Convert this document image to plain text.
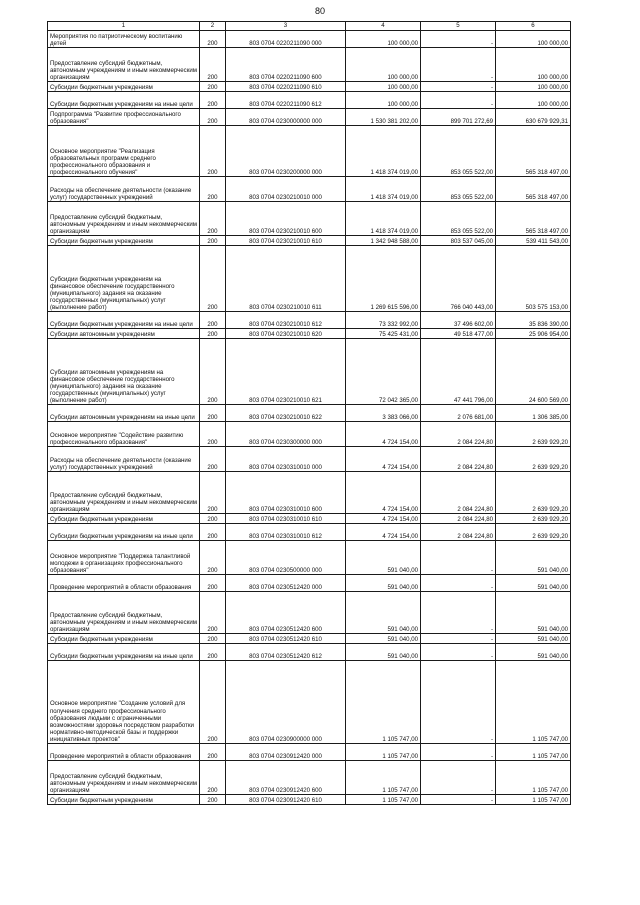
80
1	2	3	4	5	6
Мероприятия по патриотическому воспитанию детей	200	803 0704 0220211090 000	100 000,00	-	100 000,00
Предоставление субсидий бюджетным, автономным учреждениям и иным некоммерческим организациям	200	803 0704 0220211090 600	100 000,00	-	100 000,00
Субсидии бюджетным учреждениям	200	803 0704 0220211090 610	100 000,00	-	100 000,00
Субсидии бюджетным учреждениям на иные цели	200	803 0704 0220211090 612	100 000,00	-	100 000,00
Подпрограмма "Развитие профессионального образования"	200	803 0704 0230000000 000	1 530 381 202,00	899 701 272,69	630 679 929,31
Основное мероприятие "Реализация образовательных программ среднего профессионального образования и профессионального обучения"	200	803 0704 0230200000 000	1 418 374 019,00	853 055 522,00	565 318 497,00
Расходы на обеспечение деятельности (оказание услуг) государственных учреждений	200	803 0704 0230210010 000	1 418 374 019,00	853 055 522,00	565 318 497,00
Предоставление субсидий бюджетным, автономным учреждениям и иным некоммерческим организациям	200	803 0704 0230210010 600	1 418 374 019,00	853 055 522,00	565 318 497,00
Субсидии бюджетным учреждениям	200	803 0704 0230210010 610	1 342 948 588,00	803 537 045,00	539 411 543,00
Субсидии бюджетным учреждениям на финансовое обеспечение государственного (муниципального) задания на оказание государственных (муниципальных) услуг (выполнение работ)	200	803 0704 0230210010 611	1 269 615 596,00	766 040 443,00	503 575 153,00
Субсидии бюджетным учреждениям на иные цели	200	803 0704 0230210010 612	73 332 992,00	37 496 602,00	35 836 390,00
Субсидии автономным учреждениям	200	803 0704 0230210010 620	75 425 431,00	49 518 477,00	25 906 954,00
Субсидии автономным учреждениям на финансовое обеспечение государственного (муниципального) задания на оказание государственных (муниципальных) услуг (выполнение работ)	200	803 0704 0230210010 621	72 042 365,00	47 441 796,00	24 600 569,00
Субсидии автономным учреждениям на иные цели	200	803 0704 0230210010 622	3 383 066,00	2 076 681,00	1 306 385,00
Основное мероприятие "Содействие развитию профессионального образования"	200	803 0704 0230300000 000	4 724 154,00	2 084 224,80	2 639 929,20
Расходы на обеспечение деятельности (оказание услуг) государственных учреждений	200	803 0704 0230310010 000	4 724 154,00	2 084 224,80	2 639 929,20
Предоставление субсидий бюджетным, автономным учреждениям и иным некоммерческим организациям	200	803 0704 0230310010 600	4 724 154,00	2 084 224,80	2 639 929,20
Субсидии бюджетным учреждениям	200	803 0704 0230310010 610	4 724 154,00	2 084 224,80	2 639 929,20
Субсидии бюджетным учреждениям на иные цели	200	803 0704 0230310010 612	4 724 154,00	2 084 224,80	2 639 929,20
Основное мероприятие "Поддержка талантливой молодежи в организациях профессионального образования"	200	803 0704 0230500000 000	591 040,00	-	591 040,00
Проведение мероприятий в области образования	200	803 0704 0230512420 000	591 040,00	-	591 040,00
Предоставление субсидий бюджетным, автономным учреждениям и иным некоммерческим организациям	200	803 0704 0230512420 600	591 040,00	-	591 040,00
Субсидии бюджетным учреждениям	200	803 0704 0230512420 610	591 040,00	-	591 040,00
Субсидии бюджетным учреждениям на иные цели	200	803 0704 0230512420 612	591 040,00	-	591 040,00
Основное мероприятие "Создание условий для получения среднего профессионального образования людьми с ограниченными возможностями здоровья посредством разработки нормативно-методической базы и поддержки инициативных проектов"	200	803 0704 0230900000 000	1 105 747,00	-	1 105 747,00
Проведение мероприятий в области образования	200	803 0704 0230912420 000	1 105 747,00	-	1 105 747,00
Предоставление субсидий бюджетным, автономным учреждениям и иным некоммерческим организациям	200	803 0704 0230912420 600	1 105 747,00	-	1 105 747,00
Субсидии бюджетным учреждениям	200	803 0704 0230912420 610	1 105 747,00	-	1 105 747,00
